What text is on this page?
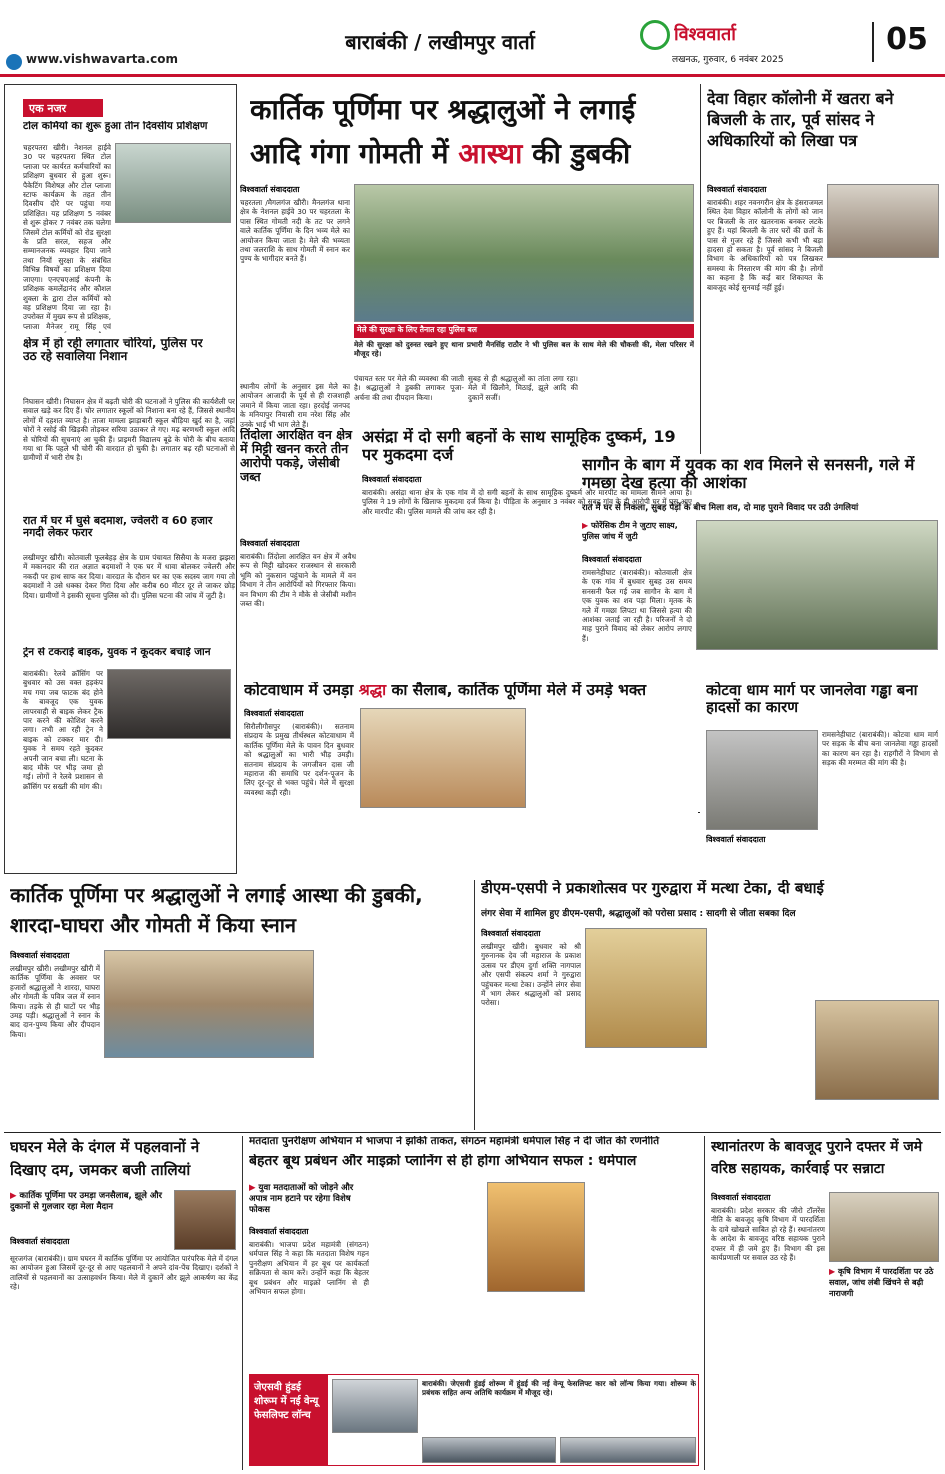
बाराबंकी / लखीमपुर वार्ता
www.vishwavarta.com
विश्ववार्ता
लखनऊ, गुरुवार, 6 नवंबर 2025
05
एक नजर
टोल कर्मियों का शुरू हुआ तीन दिवसीय प्रशिक्षण
चहरपतरा खीरी। नेशनल हाईवे 30 पर चहरपतरा स्थित टोल प्लाजा पर कार्यरत कर्मचारियों का प्रशिक्षण बुधवार से हुआ शुरू। पैकेटिंग विशेषज्ञ और टोल प्लाजा स्टाफ कार्यक्रम के तहत तीन दिवसीय दौरे पर पहुंचा गया प्रशिक्षित। यह प्रशिक्षण 5 नवंबर से शुरू होकर 7 नवंबर तक चलेगा जिसमें टोल कर्मियों को रोड सुरक्षा के प्रति सरल, सहज और सम्मानजनक व्यवहार दिया जाने तथा नियों सुरक्षा के संबंधित विभिन्न विषयों का प्रशिक्षण दिया जाएगा। एनएचएआई कंपनी के प्रशिक्षक कमलेंद्रानंद और कौशल शुक्ला के द्वारा टोल कर्मियों को वह प्रशिक्षण दिया जा रहा है। उपरोक्त में मुख्य रूप से प्रशिक्षक, प्लाजा मैनेजर रामू सिंह एवं
क्षेत्र में हो रही लगातार चोरियां, पुलिस पर उठ रहे सवालिया निशान
निघासन खीरी। निघासन क्षेत्र में बढ़ती चोरी की घटनाओं ने पुलिस की कार्यशैली पर सवाल खड़े कर दिए हैं। चोर लगातार स्कूलों को निशाना बना रहे हैं, जिससे स्थानीय लोगों में दहशत व्याप्त है। ताजा मामला झाड़ाबारी स्कूल बौड़िया खुर्द का है, जहां चोरों ने रसोई की खिड़की तोड़कर सरिया उठाकर ले गए। मढ़ बरणधरी स्कूल आदि से चोरियों की सूचनाएं आ चुकी हैं। प्राइमरी विद्यालय बूढे के चोरी के बीच बताया गया था कि पहले भी चोरी की वारदात हो चुकी है। लगातार बढ़ रही घटनाओं से ग्रामीणों में भारी रोष है।
रात में घर में घुसे बदमाश, ज्वेलरी व 60 हजार नगदी लेकर फरार
लखीमपुर खीरी। कोतवाली फूलबेहड़ क्षेत्र के ग्राम पंचायत सिसैया के मजरा झझरा में मकानदार की रात अज्ञात बदमाशों ने एक घर में धावा बोलकर ज्वेलरी और नकदी पर हाथ साफ कर दिया। वारदात के दौरान घर का एक सदस्य जाग गया तो बदमाशों ने उसे धक्का देकर गिरा दिया और करीब 60 मीटर दूर ले जाकर छोड़ दिया। ग्रामीणों ने इसकी सूचना पुलिस को दी। पुलिस घटना की जांच में जुटी है।
ट्रेन से टकराई बाइक, युवक ने कूदकर बचाई जान
बाराबंकी। रेलवे क्रॉसिंग पर बुधवार को उस वक्त हड़कंप मच गया जब फाटक बंद होने के बावजूद एक युवक लापरवाही से बाइक लेकर ट्रैक पार करने की कोशिश करने लगा। तभी आ रही ट्रेन ने बाइक को टक्कर मार दी। युवक ने समय रहते कूदकर अपनी जान बचा ली। घटना के बाद मौके पर भीड़ जमा हो गई। लोगों ने रेलवे प्रशासन से क्रॉसिंग पर सख्ती की मांग की।
कार्तिक पूर्णिमा पर श्रद्धालुओं ने लगाई आदि गंगा गोमती में आस्था की डुबकी
विश्ववार्ता संवाददाता
चहरतला /मैगलगंज खीरी। मैनलगंज थाना क्षेत्र के नेशनल हाईवे 30 पर चहरतला के पास स्थित गोमती नदी के तट पर लगने वाले कार्तिक पूर्णिमा के दिन भव्य मेले का आयोजन किया जाता है। मेले की भव्यता तथा जलराशि के साथ गोमती में स्नान कर पुण्य के भागीदार बनते हैं।
मेले की सुरक्षा के लिए तैनात रहा पुलिस बल
मेले की सुरक्षा को दुरुस्त रखने हुए थाना प्रभारी मैनसिंह राठौर ने भी पुलिस बल के साथ मेले की चौकसी की, मेला परिसर में मौजूद रहे।
स्थानीय लोगों के अनुसार इस मेले का आयोजन आजादी के पूर्व से ही राजशाही जमाने में किया जाता रहा। हरदोई जनपद के मनियापुर नियासी राम नरेश सिंह और उनके भाई भी भाग लेते हैं।
पंचायत स्तर पर मेले की व्यवस्था की जाती है। श्रद्धालुओं ने डुबकी लगाकर पूजा-अर्चना की तथा दीपदान किया।
सुबह से ही श्रद्धालुओं का तांता लगा रहा। मेले में खिलौने, मिठाई, झूले आदि की दुकानें सजीं।
तिंदोला आरक्षित वन क्षेत्र में मिट्टी खनन करते तीन आरोपी पकड़े, जेसीबी जब्त
विश्ववार्ता संवाददाता
बाराबंकी। तिंदोला आरक्षित वन क्षेत्र में अवैध रूप से मिट्टी खोदकर राजस्थान से सरकारी भूमि को नुकसान पहुंचाने के मामले में वन विभाग ने तीन आरोपियों को गिरफ्तार किया। वन विभाग की टीम ने मौके से जेसीबी मशीन जब्त की।
असंद्रा में दो सगी बहनों के साथ सामूहिक दुष्कर्म, 19 पर मुकदमा दर्ज
विश्ववार्ता संवाददाता
बाराबंकी। असंद्रा थाना क्षेत्र के एक गांव में दो सगी बहनों के साथ सामूहिक दुष्कर्म और मारपीट का मामला सामने आया है। पुलिस ने 19 लोगों के खिलाफ मुकदमा दर्ज किया है। पीड़िता के अनुसार 3 नवंबर को सुबह गांव के ही आरोपी घर में घुस आए और मारपीट की। पुलिस मामले की जांच कर रही है।
देवा विहार कॉलोनी में खतरा बने बिजली के तार, पूर्व सांसद ने अधिकारियों को लिखा पत्र
विश्ववार्ता संवाददाता
बाराबंकी। शहर नवनगरीन क्षेत्र के हंसराजमल स्थित देवा विहार कॉलोनी के लोगों को जान पर बिजली के तार खतरनाक बनकर लटके हुए हैं। यहां बिजली के तार घरों की छतों के पास से गुजर रहे हैं जिससे कभी भी बड़ा हादसा हो सकता है। पूर्व सांसद ने बिजली विभाग के अधिकारियों को पत्र लिखकर समस्या के निस्तारण की मांग की है। लोगों का कहना है कि कई बार शिकायत के बावजूद कोई सुनवाई नहीं हुई।
सागौन के बाग में युवक का शव मिलने से सनसनी, गले में गमछा देख हत्या की आशंका
रात में घर से निकला, सुबह पेड़ों के बीच मिला शव, दो माह पुराने विवाद पर उठी उंगलियां
▶ फोरेंसिक टीम ने जुटाए साक्ष्य, पुलिस जांच में जुटी
विश्ववार्ता संवाददाता
रामसनेहीघाट (बाराबंकी)। कोतवाली क्षेत्र के एक गांव में बुधवार सुबह उस समय सनसनी फैल गई जब सागौन के बाग में एक युवक का शव पड़ा मिला। मृतक के गले में गमछा लिपटा था जिससे हत्या की आशंका जताई जा रही है। परिजनों ने दो माह पुराने विवाद को लेकर आरोप लगाए हैं।
कोटवाधाम में उमड़ा श्रद्धा का सैलाब, कार्तिक पूर्णिमा मेले में उमड़े भक्त
विश्ववार्ता संवाददाता
सिरौलीगौसपुर (बाराबंकी)। सतनाम संप्रदाय के प्रमुख तीर्थस्थल कोटवाधाम में कार्तिक पूर्णिमा मेले के पावन दिन बुधवार को श्रद्धालुओं का भारी भीड़ उमड़ी। सतनाम संप्रदाय के जगजीवन दास जी महाराज की समाधि पर दर्शन-पूजन के लिए दूर-दूर से भक्त पहुंचे। मेले में सुरक्षा व्यवस्था कड़ी रही।
कोटवा धाम मार्ग पर जानलेवा गड्ढा बना हादसों का कारण
विश्ववार्ता संवाददाता
रामसनेहीघाट (बाराबंकी)। कोटवा धाम मार्ग पर सड़क के बीच बना जानलेवा गड्ढा हादसों का कारण बन रहा है। राहगीरों ने विभाग से सड़क की मरम्मत की मांग की है।
कार्तिक पूर्णिमा पर श्रद्धालुओं ने लगाई आस्था की डुबकी, शारदा-घाघरा और गोमती में किया स्नान
विश्ववार्ता संवाददाता
लखीमपुर खीरी। लखीमपुर खीरी में कार्तिक पूर्णिमा के अवसर पर हजारों श्रद्धालुओं ने शारदा, घाघरा और गोमती के पवित्र जल में स्नान किया। तड़के से ही घाटों पर भीड़ उमड़ पड़ी। श्रद्धालुओं ने स्नान के बाद दान-पुण्य किया और दीपदान किया।
डीएम-एसपी ने प्रकाशोत्सव पर गुरुद्वारा में मत्था टेका, दी बधाई
लंगर सेवा में शामिल हुए डीएम-एसपी, श्रद्धालुओं को परोसा प्रसाद : सादगी से जीता सबका दिल
विश्ववार्ता संवाददाता
लखीमपुर खीरी। बुधवार को श्री गुरुनानक देव जी महाराज के प्रकाश उत्सव पर डीएम दुर्गा शक्ति नागपाल और एसपी संकल्प शर्मा ने गुरुद्वारा पहुंचकर मत्था टेका। उन्होंने लंगर सेवा में भाग लेकर श्रद्धालुओं को प्रसाद परोसा।
घघरन मेले के दंगल में पहलवानों ने दिखाए दम, जमकर बजी तालियां
▶ कार्तिक पूर्णिमा पर उमड़ा जनसैलाब, झूले और दुकानों से गुलजार रहा मेला मैदान
विश्ववार्ता संवाददाता
सूरजगंज (बाराबंकी)। ग्राम घघरन में कार्तिक पूर्णिमा पर आयोजित पारंपरिक मेले में दंगल का आयोजन हुआ जिसमें दूर-दूर से आए पहलवानों ने अपने दांव-पेंच दिखाए। दर्शकों ने तालियों से पहलवानों का उत्साहवर्धन किया। मेले में दुकानें और झूले आकर्षण का केंद्र रहे।
मतदाता पुनरीक्षण अभियान में भाजपा ने झोंकी ताकत, संगठन महामंत्री धर्मपाल सिंह ने दी जीत की रणनीति
बेहतर बूथ प्रबंधन और माइक्रो प्लानिंग से ही होगा अभियान सफल : धर्मपाल
▶ युवा मतदाताओं को जोड़ने और अपात्र नाम हटाने पर रहेगा विशेष फोकस
विश्ववार्ता संवाददाता
बाराबंकी। भाजपा प्रदेश महामंत्री (संगठन) धर्मपाल सिंह ने कहा कि मतदाता विशेष गहन पुनरीक्षण अभियान में हर बूथ पर कार्यकर्ता सक्रियता से काम करें। उन्होंने कहा कि बेहतर बूथ प्रबंधन और माइक्रो प्लानिंग से ही अभियान सफल होगा।
जेएसवी हुंडई शोरूम में नई वेन्यू फेसलिफ्ट लॉन्च
बाराबंकी। जेएसवी हुंडई शोरूम में हुंडई की नई वेन्यू फेसलिफ्ट कार को लॉन्च किया गया। शोरूम के प्रबंधक सहित अन्य अतिथि कार्यक्रम में मौजूद रहे।
स्थानांतरण के बावजूद पुराने दफ्तर में जमे वरिष्ठ सहायक, कार्रवाई पर सन्नाटा
विश्ववार्ता संवाददाता
▶ कृषि विभाग में पारदर्शिता पर उठे सवाल, जांच लंबी खिंचने से बढ़ी नाराजगी
बाराबंकी। प्रदेश सरकार की जीरो टॉलरेंस नीति के बावजूद कृषि विभाग में पारदर्शिता के दावे खोखले साबित हो रहे हैं। स्थानांतरण के आदेश के बावजूद वरिष्ठ सहायक पुराने दफ्तर में ही जमे हुए हैं। विभाग की इस कार्यप्रणाली पर सवाल उठ रहे हैं।
